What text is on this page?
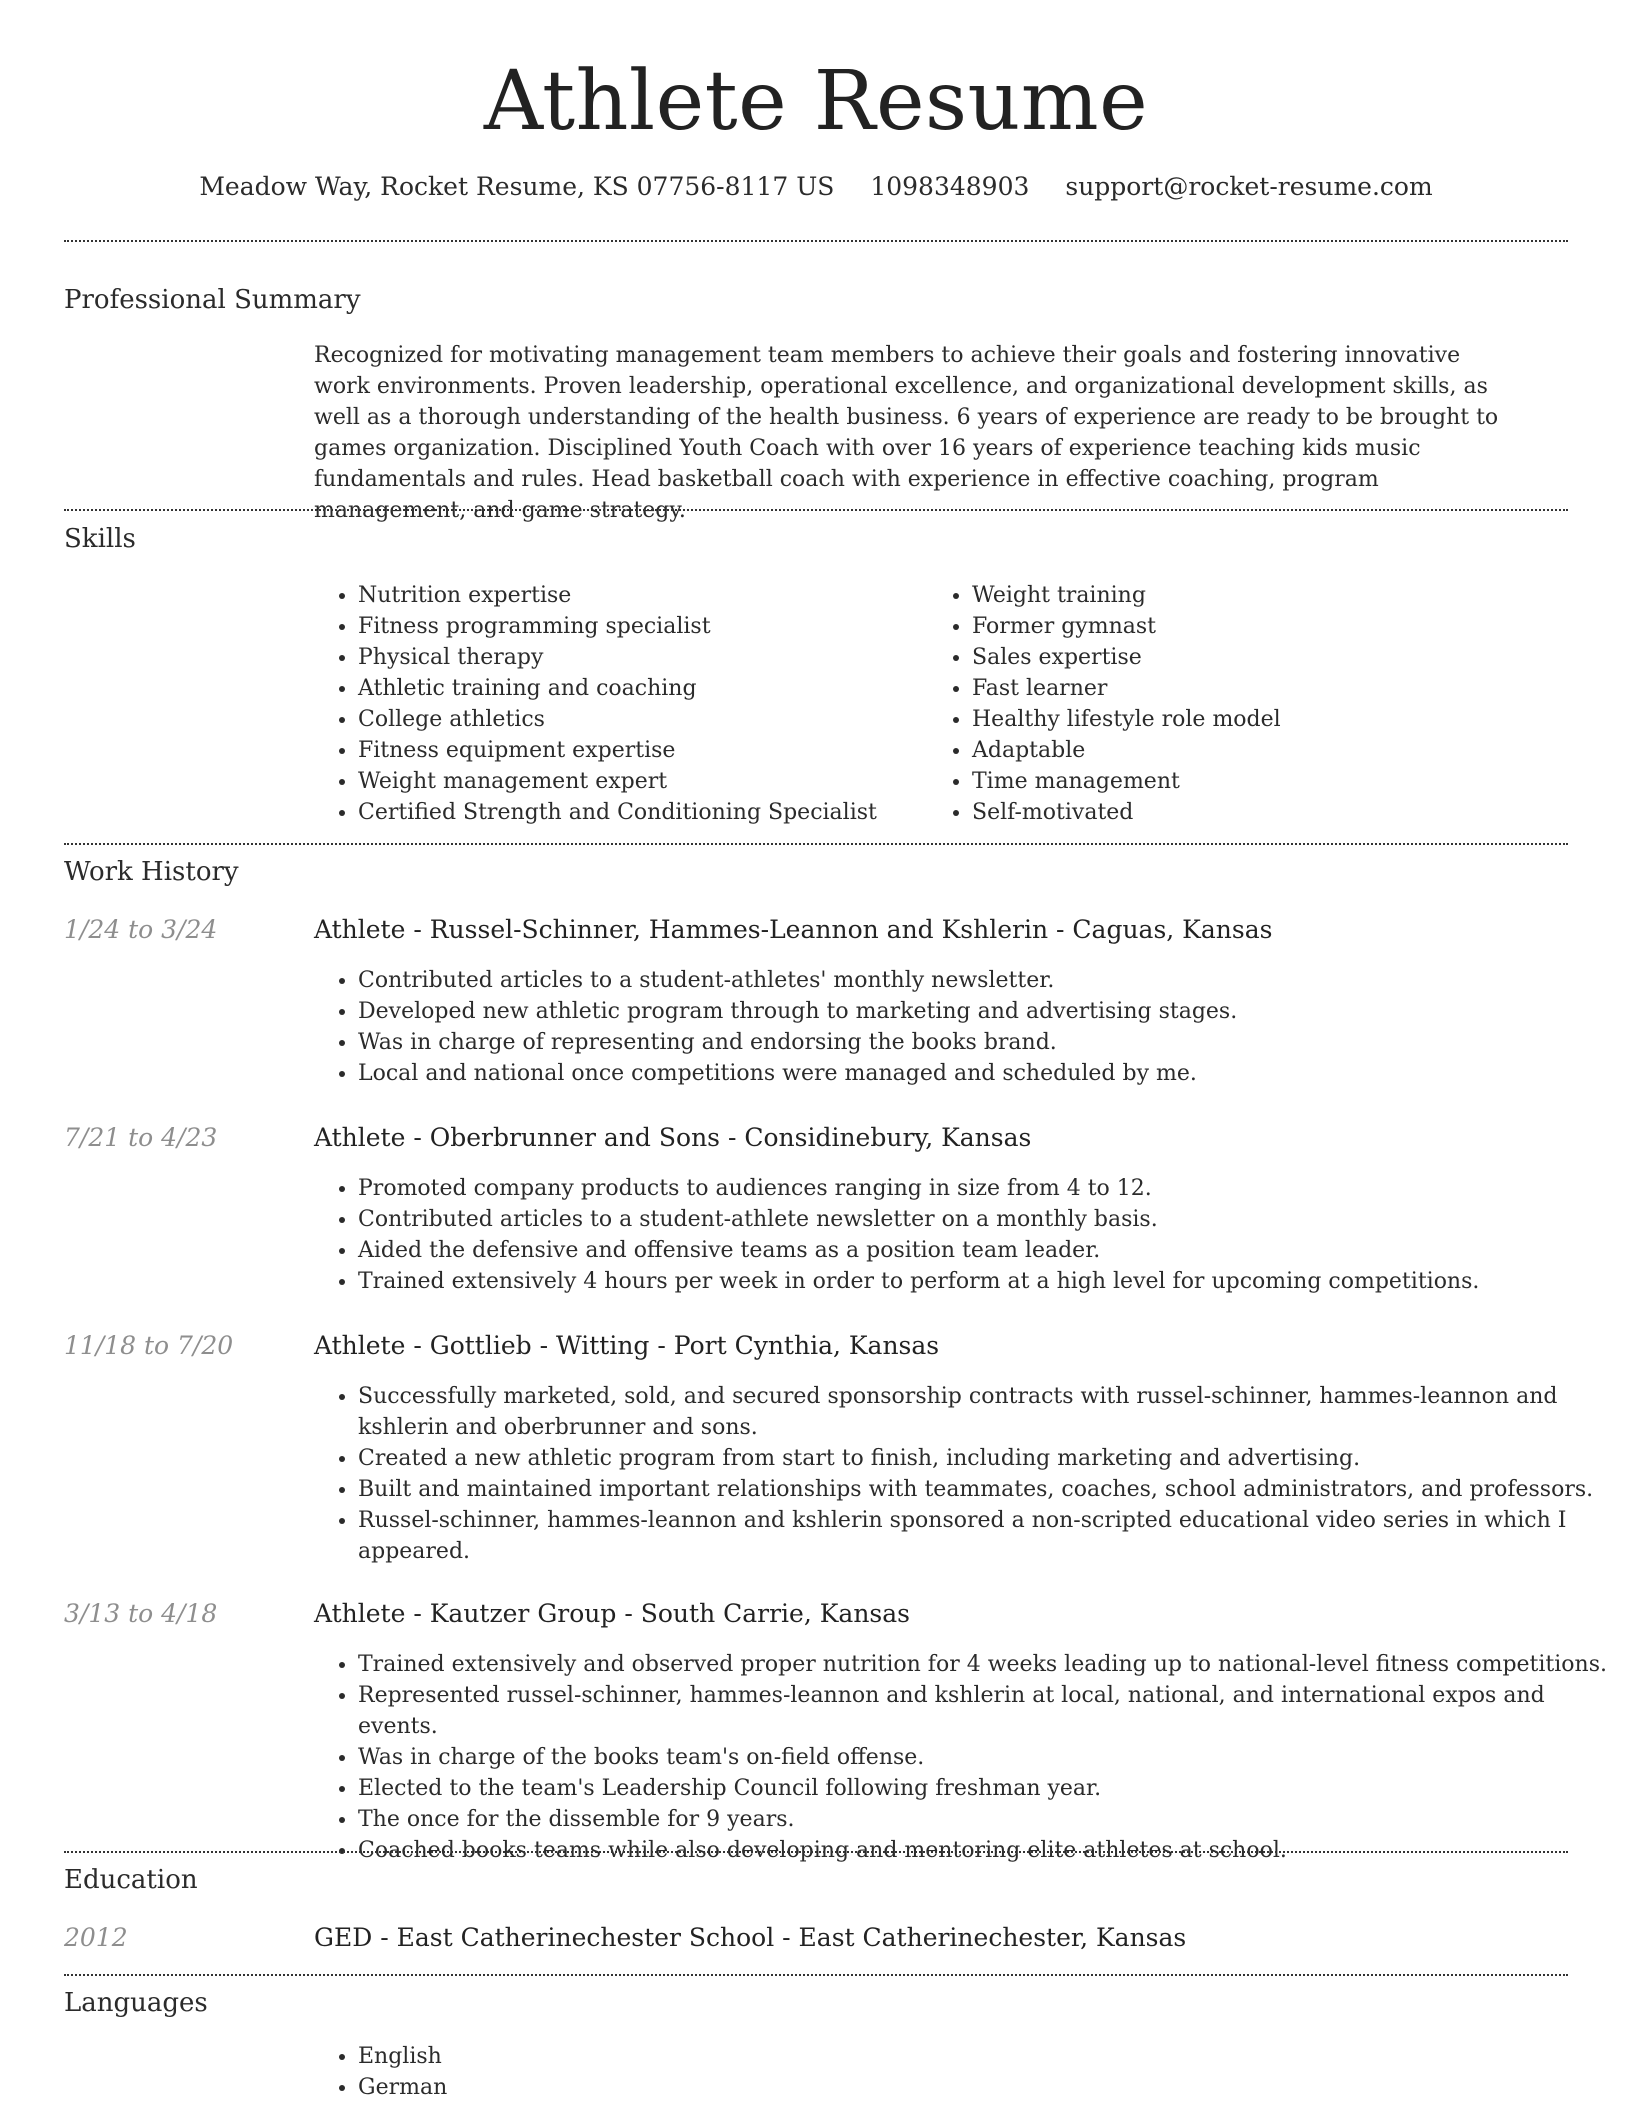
Athlete Resume
Meadow Way, Rocket Resume, KS 07756-8117 US 1098348903 support@rocket-resume.com
Professional Summary
Recognized for motivating management team members to achieve their goals and fostering innovative work environments. Proven leadership, operational excellence, and organizational development skills, as well as a thorough understanding of the health business. 6 years of experience are ready to be brought to games organization. Disciplined Youth Coach with over 16 years of experience teaching kids music fundamentals and rules. Head basketball coach with experience in effective coaching, program management, and game strategy.
Skills
• Nutrition expertise
• Fitness programming specialist
• Physical therapy
• Athletic training and coaching
• College athletics
• Fitness equipment expertise
• Weight management expert
• Certified Strength and Conditioning Specialist
• Weight training
• Former gymnast
• Sales expertise
• Fast learner
• Healthy lifestyle role model
• Adaptable
• Time management
• Self-motivated
Work History
1/24 to 3/24	Athlete - Russel-Schinner, Hammes-Leannon and Kshlerin - Caguas, Kansas
• Contributed articles to a student-athletes' monthly newsletter.
• Developed new athletic program through to marketing and advertising stages.
• Was in charge of representing and endorsing the books brand.
• Local and national once competitions were managed and scheduled by me.
7/21 to 4/23	Athlete - Oberbrunner and Sons - Considinebury, Kansas
• Promoted company products to audiences ranging in size from 4 to 12.
• Contributed articles to a student-athlete newsletter on a monthly basis.
• Aided the defensive and offensive teams as a position team leader.
• Trained extensively 4 hours per week in order to perform at a high level for upcoming competitions.
11/18 to 7/20	Athlete - Gottlieb - Witting - Port Cynthia, Kansas
• Successfully marketed, sold, and secured sponsorship contracts with russel-schinner, hammes-leannon and kshlerin and oberbrunner and sons.
• Created a new athletic program from start to finish, including marketing and advertising.
• Built and maintained important relationships with teammates, coaches, school administrators, and professors.
• Russel-schinner, hammes-leannon and kshlerin sponsored a non-scripted educational video series in which I appeared.
3/13 to 4/18	Athlete - Kautzer Group - South Carrie, Kansas
• Trained extensively and observed proper nutrition for 4 weeks leading up to national-level fitness competitions.
• Represented russel-schinner, hammes-leannon and kshlerin at local, national, and international expos and events.
• Was in charge of the books team's on-field offense.
• Elected to the team's Leadership Council following freshman year.
• The once for the dissemble for 9 years.
• Coached books teams while also developing and mentoring elite athletes at school.
Education
2012	GED - East Catherinechester School - East Catherinechester, Kansas
Languages
• English
• German
